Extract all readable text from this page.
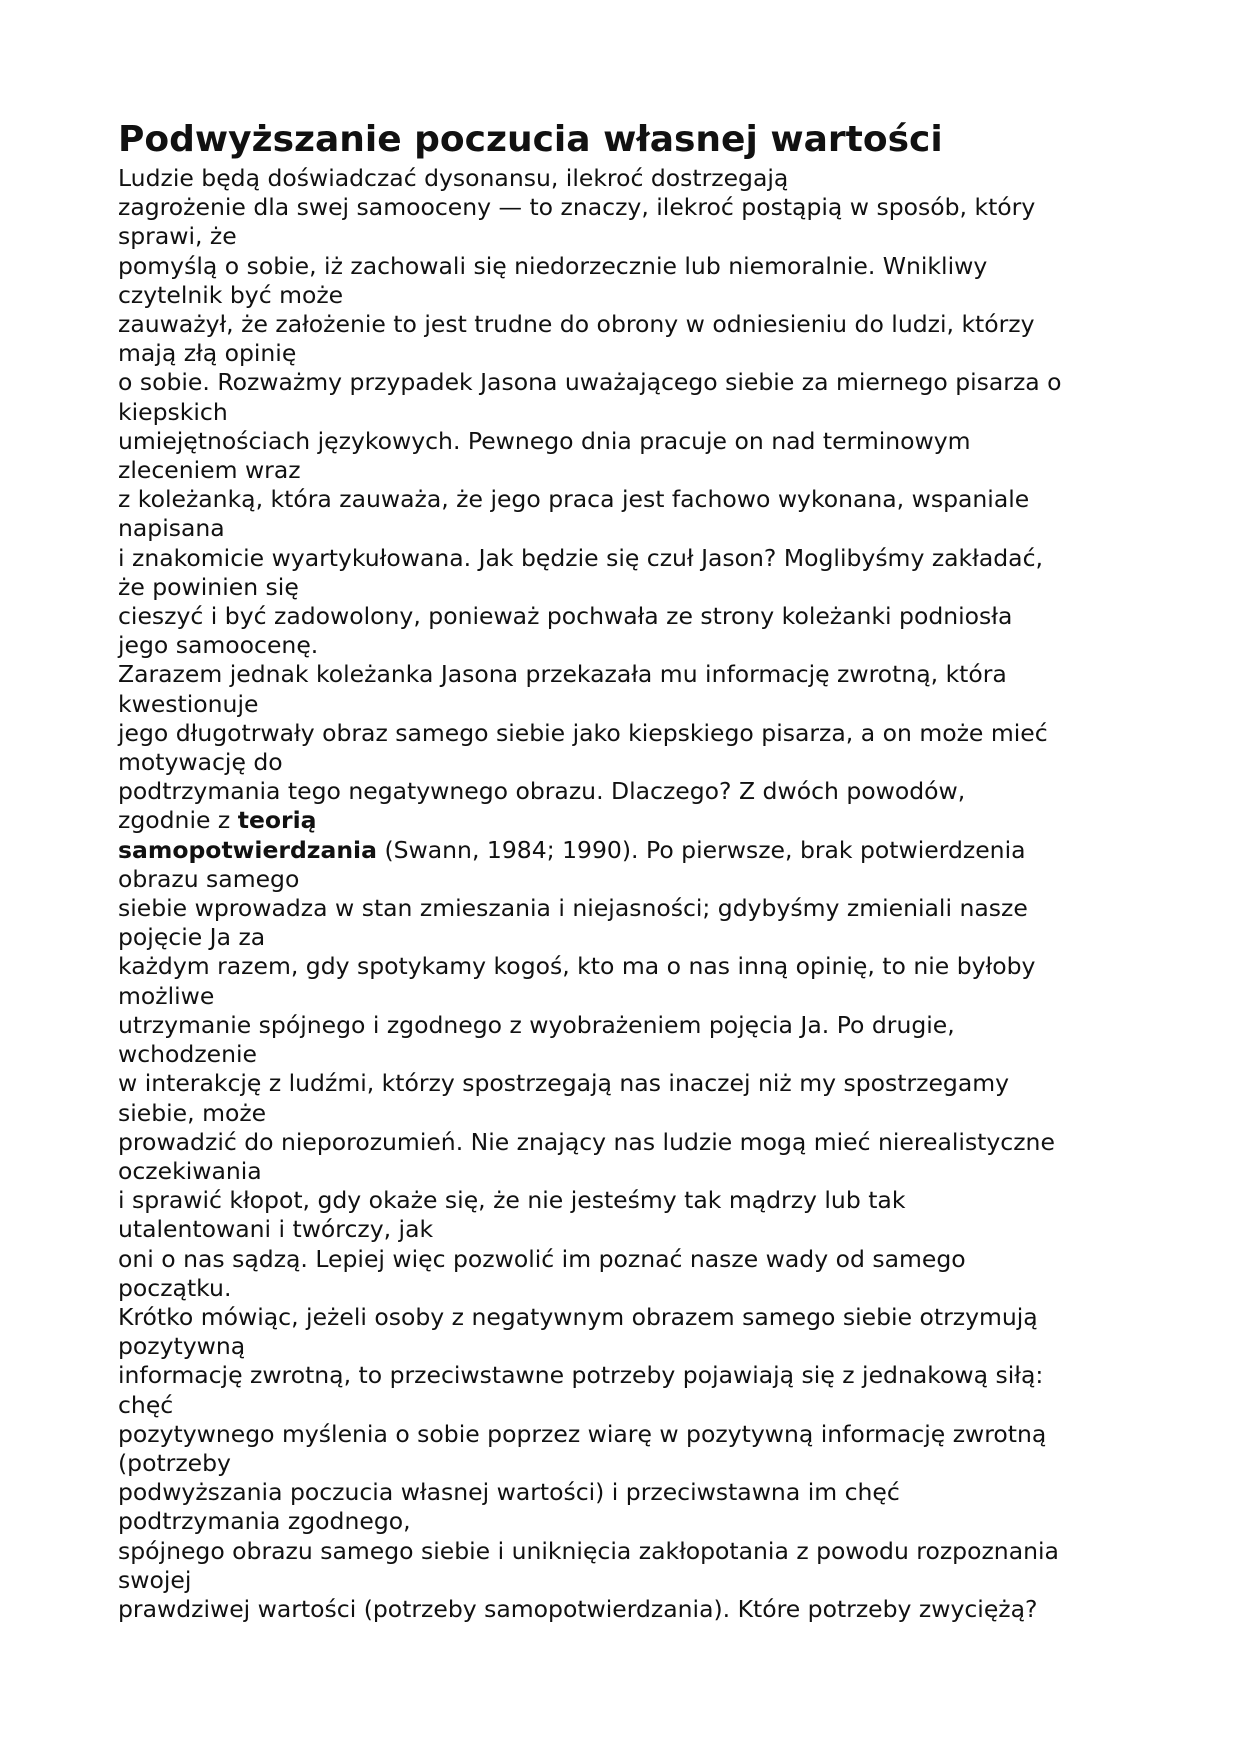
Podwyższanie poczucia własnej wartości
Ludzie będą doświadczać dysonansu, ilekroć dostrzegają
zagrożenie dla swej samooceny — to znaczy, ilekroć postąpią w sposób, który
sprawi, że
pomyślą o sobie, iż zachowali się niedorzecznie lub niemoralnie. Wnikliwy
czytelnik być może
zauważył, że założenie to jest trudne do obrony w odniesieniu do ludzi, którzy
mają złą opinię
o sobie. Rozważmy przypadek Jasona uważającego siebie za miernego pisarza o
kiepskich
umiejętnościach językowych. Pewnego dnia pracuje on nad terminowym
zleceniem wraz
z koleżanką, która zauważa, że jego praca jest fachowo wykonana, wspaniale
napisana
i znakomicie wyartykułowana. Jak będzie się czuł Jason? Moglibyśmy zakładać,
że powinien się
cieszyć i być zadowolony, ponieważ pochwała ze strony koleżanki podniosła
jego samoocenę.
Zarazem jednak koleżanka Jasona przekazała mu informację zwrotną, która
kwestionuje
jego długotrwały obraz samego siebie jako kiepskiego pisarza, a on może mieć
motywację do
podtrzymania tego negatywnego obrazu. Dlaczego? Z dwóch powodów,
zgodnie z teorią
samopotwierdzania (Swann, 1984; 1990). Po pierwsze, brak potwierdzenia
obrazu samego
siebie wprowadza w stan zmieszania i niejasności; gdybyśmy zmieniali nasze
pojęcie Ja za
każdym razem, gdy spotykamy kogoś, kto ma o nas inną opinię, to nie byłoby
możliwe
utrzymanie spójnego i zgodnego z wyobrażeniem pojęcia Ja. Po drugie,
wchodzenie
w interakcję z ludźmi, którzy spostrzegają nas inaczej niż my spostrzegamy
siebie, może
prowadzić do nieporozumień. Nie znający nas ludzie mogą mieć nierealistyczne
oczekiwania
i sprawić kłopot, gdy okaże się, że nie jesteśmy tak mądrzy lub tak
utalentowani i twórczy, jak
oni o nas sądzą. Lepiej więc pozwolić im poznać nasze wady od samego
początku.
Krótko mówiąc, jeżeli osoby z negatywnym obrazem samego siebie otrzymują
pozytywną
informację zwrotną, to przeciwstawne potrzeby pojawiają się z jednakową siłą:
chęć
pozytywnego myślenia o sobie poprzez wiarę w pozytywną informację zwrotną
(potrzeby
podwyższania poczucia własnej wartości) i przeciwstawna im chęć
podtrzymania zgodnego,
spójnego obrazu samego siebie i uniknięcia zakłopotania z powodu rozpoznania
swojej
prawdziwej wartości (potrzeby samopotwierdzania). Które potrzeby zwyciężą?
